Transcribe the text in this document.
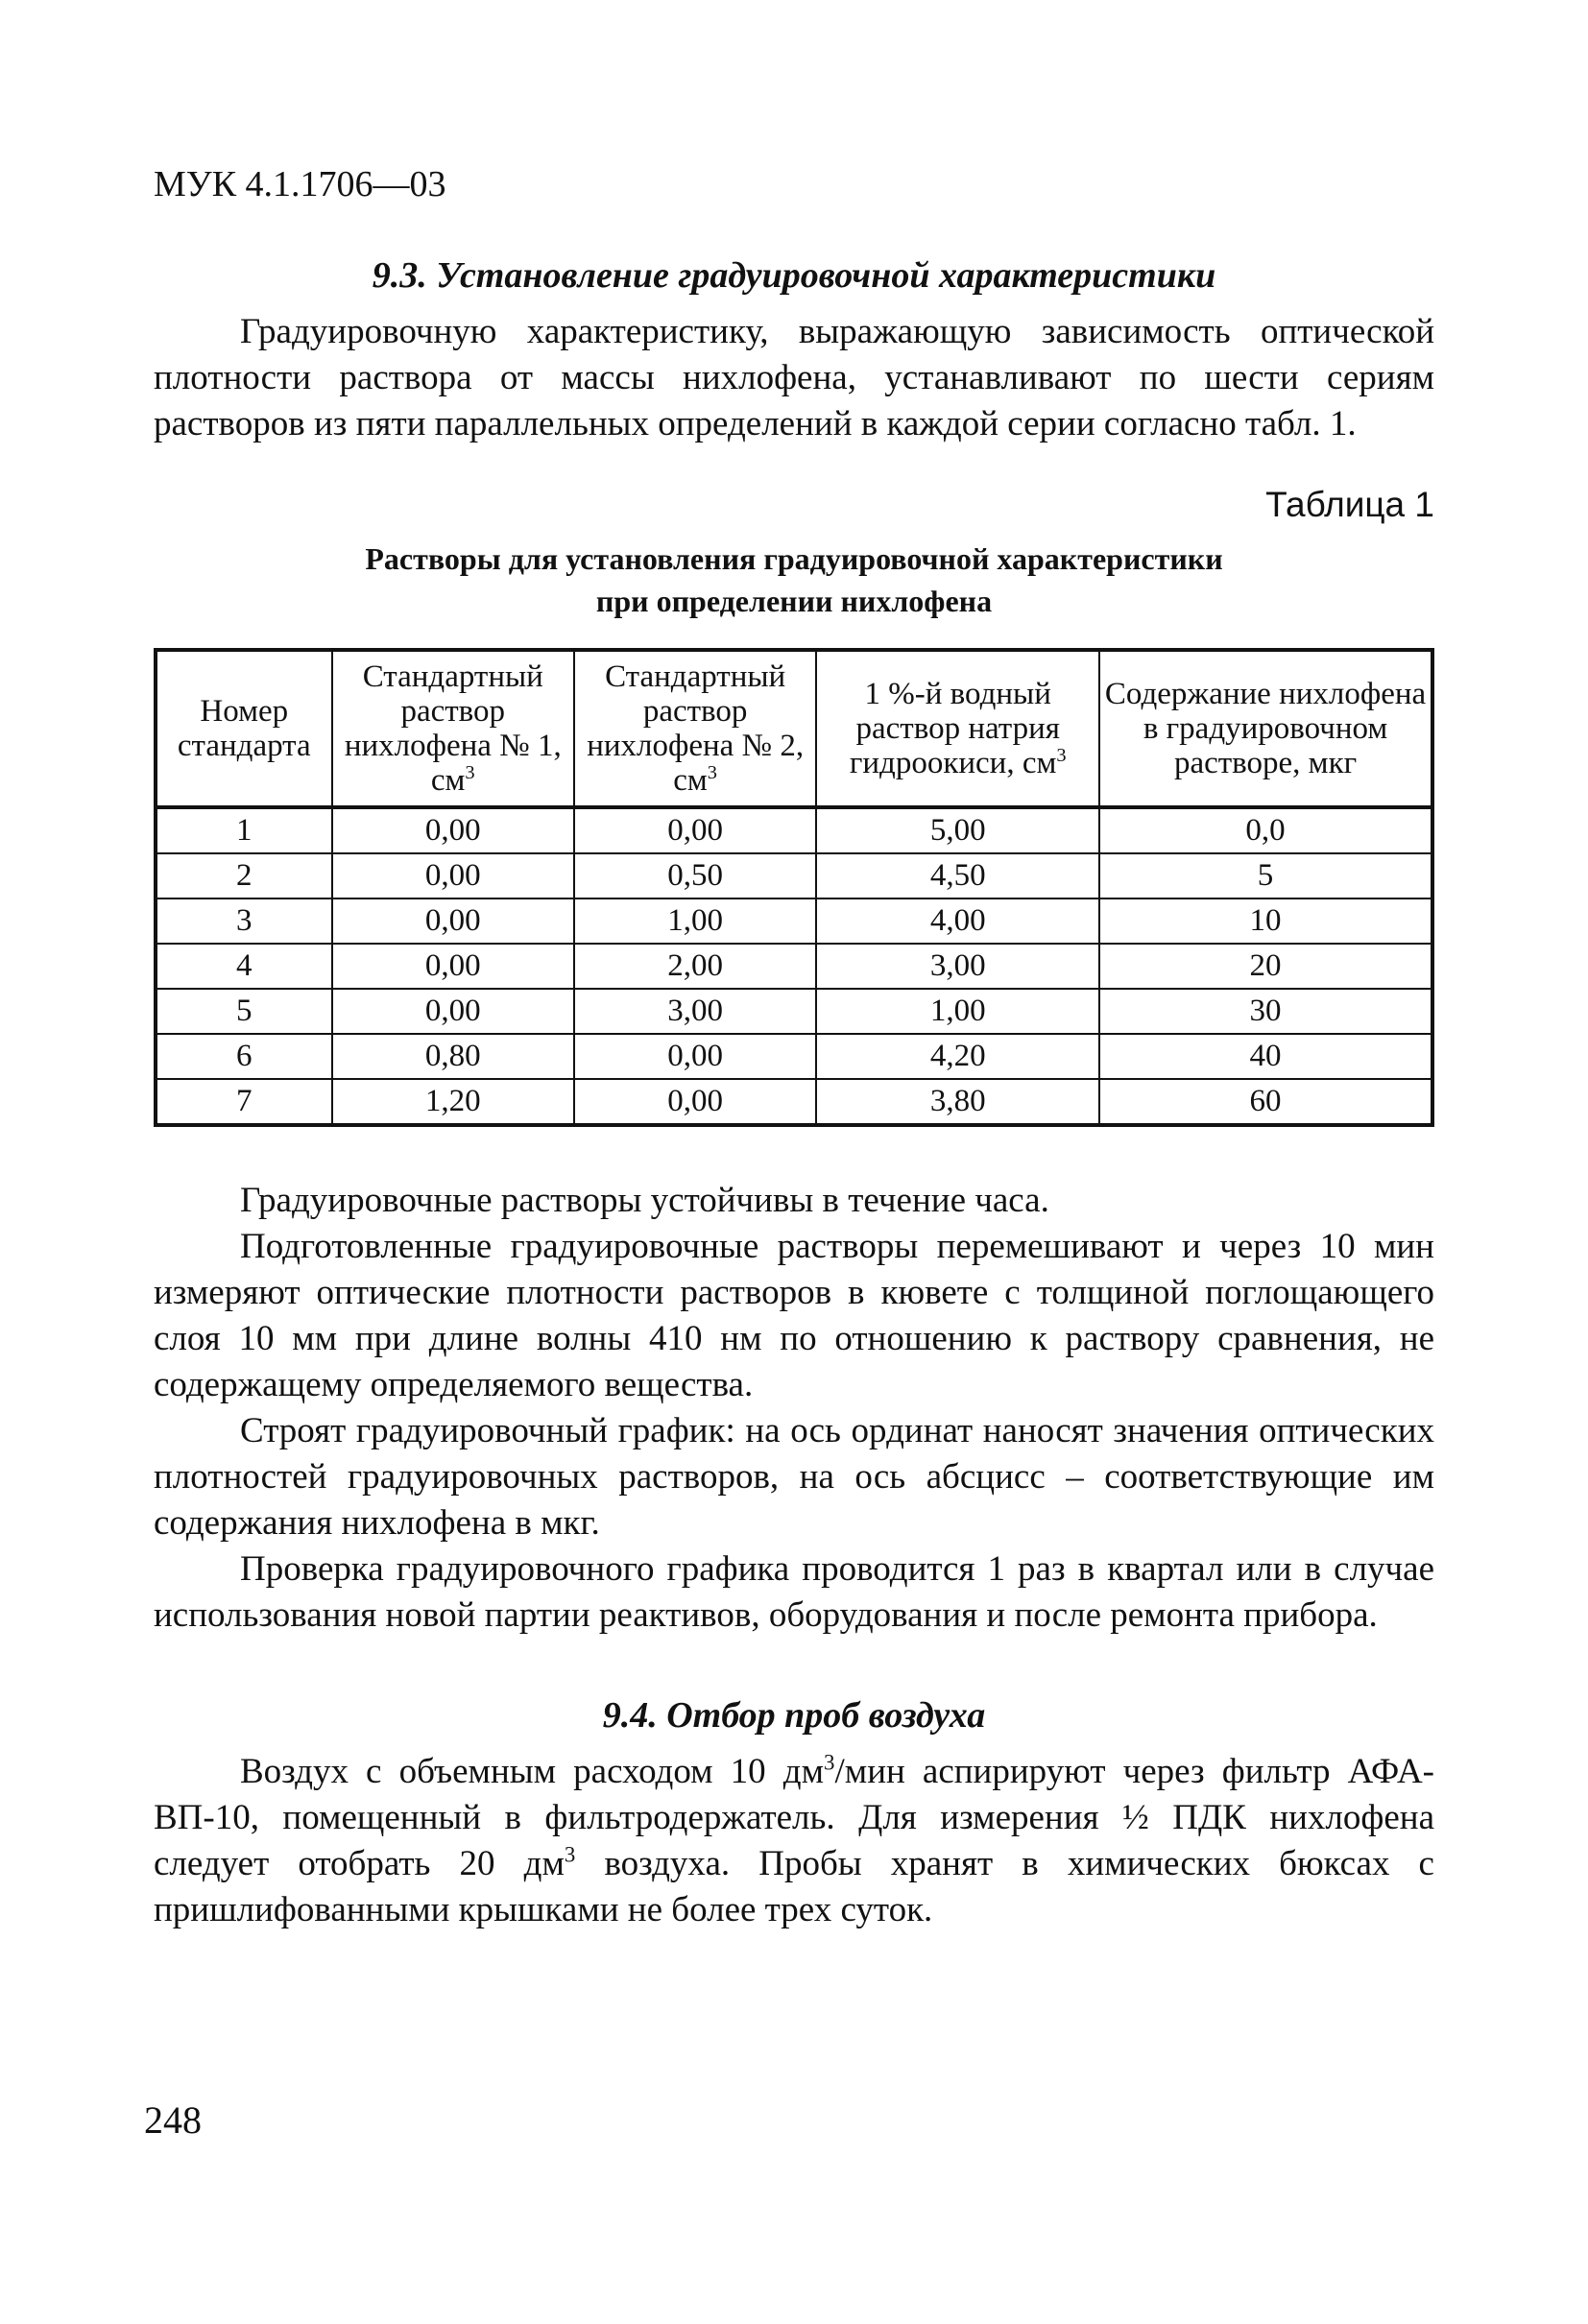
МУК 4.1.1706—03
9.3. Установление градуировочной характеристики

Градуировочную характеристику, выражающую зависимость оптической плотности раствора от массы нихлофена, устанавливают по шести сериям растворов из пяти параллельных определений в каждой серии согласно табл. 1.

Таблица 1
Растворы для установления градуировочной характеристики
при определении нихлофена
Номер стандарта	Стандартный раствор нихлофена № 1, $см^3$	Стандартный раствор нихлофена № 2, $см^3$	1 %-й водный раствор натрия гидроокиси, $см^3$	Содержание нихлофена в градуировочном растворе, мкг
1	0,00	0,00	5,00	0,0
2	0,00	0,50	4,50	5
3	0,00	1,00	4,00	10
4	0,00	2,00	3,00	20
5	0,00	3,00	1,00	30
6	0,80	0,00	4,20	40
7	1,20	0,00	3,80	60

Градуировочные растворы устойчивы в течение часа.

Подготовленные градуировочные растворы перемешивают и через 10 мин измеряют оптические плотности растворов в кювете с толщиной поглощающего слоя 10 мм при длине волны 410 нм по отношению к раствору сравнения, не содержащему определяемого вещества.

Строят градуировочный график: на ось ординат наносят значения оптических плотностей градуировочных растворов, на ось абсцисс – соответствующие им содержания нихлофена в мкг.

Проверка градуировочного графика проводится 1 раз в квартал или в случае использования новой партии реактивов, оборудования и после ремонта прибора.

9.4. Отбор проб воздуха

Воздух с объемным расходом 10 $дм^3$/мин аспирируют через фильтр АФА-ВП-10, помещенный в фильтродержатель. Для измерения ½ ПДК нихлофена следует отобрать 20 $дм^3$ воздуха. Пробы хранят в химических бюксах с пришлифованными крышками не более трех суток.

248
